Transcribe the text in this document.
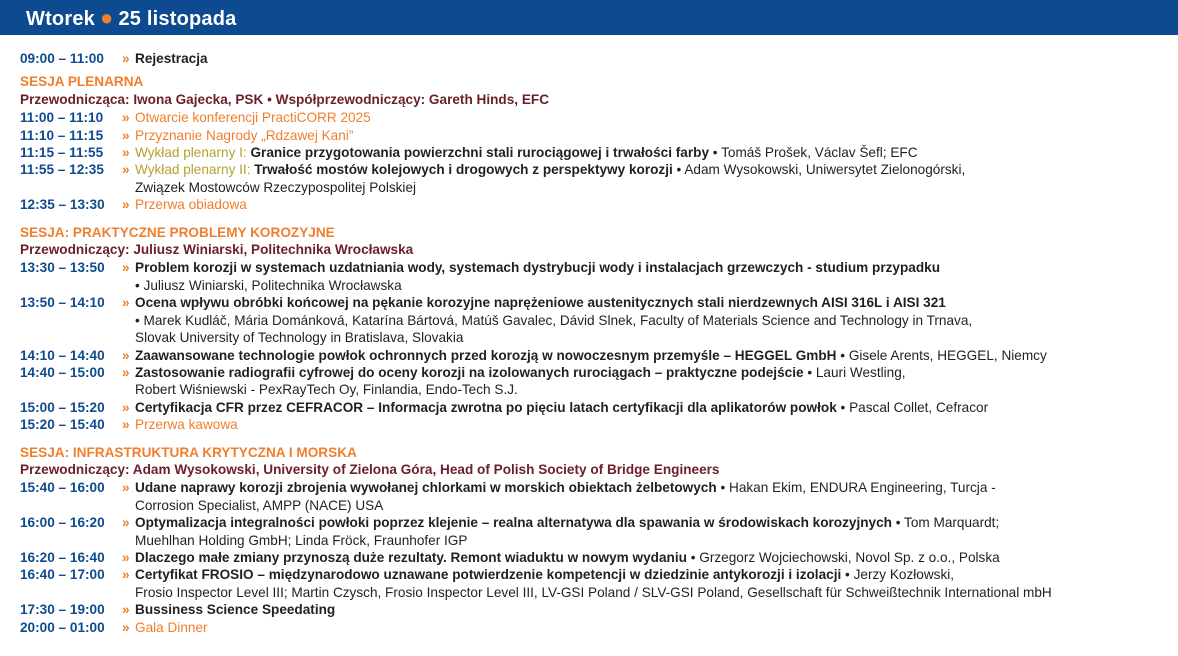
Wtorek ● 25 listopada
09:00 – 11:00	» Rejestracja
SESJA PLENARNA
Przewodnicząca: Iwona Gajecka, PSK • Współprzewodniczący: Gareth Hinds, EFC
11:00 – 11:10	» Otwarcie konferencji PractiCORR 2025
11:10 – 11:15	» Przyznanie Nagrody „Rdzawej Kani”
11:15 – 11:55	» Wykład plenarny I: Granice przygotowania powierzchni stali rurociągowej i trwałości farby • Tomáš Prošek, Václav Šefl; EFC
11:55 – 12:35	» Wykład plenarny II: Trwałość mostów kolejowych i drogowych z perspektywy korozji • Adam Wysokowski, Uniwersytet Zielonogórski,
Związek Mostowców Rzeczypospolitej Polskiej
12:35 – 13:30	» Przerwa obiadowa
SESJA: PRAKTYCZNE PROBLEMY KOROZYJNE
Przewodniczący: Juliusz Winiarski, Politechnika Wrocławska
13:30 – 13:50	» Problem korozji w systemach uzdatniania wody, systemach dystrybucji wody i instalacjach grzewczych - studium przypadku
• Juliusz Winiarski, Politechnika Wrocławska
13:50 – 14:10	» Ocena wpływu obróbki końcowej na pękanie korozyjne naprężeniowe austenitycznych stali nierdzewnych AISI 316L i AISI 321
• Marek Kudláč, Mária Dománková, Katarína Bártová, Matúš Gavalec, Dávid Slnek, Faculty of Materials Science and Technology in Trnava,
Slovak University of Technology in Bratislava, Slovakia
14:10 – 14:40	» Zaawansowane technologie powłok ochronnych przed korozją w nowoczesnym przemyśle – HEGGEL GmbH • Gisele Arents, HEGGEL, Niemcy
14:40 – 15:00	» Zastosowanie radiografii cyfrowej do oceny korozji na izolowanych rurociągach – praktyczne podejście • Lauri Westling,
Robert Wiśniewski - PexRayTech Oy, Finlandia, Endo-Tech S.J.
15:00 – 15:20	» Certyfikacja CFR przez CEFRACOR – Informacja zwrotna po pięciu latach certyfikacji dla aplikatorów powłok • Pascal Collet, Cefracor
15:20 – 15:40	» Przerwa kawowa
SESJA: INFRASTRUKTURA KRYTYCZNA I MORSKA
Przewodniczący: Adam Wysokowski, University of Zielona Góra, Head of Polish Society of Bridge Engineers
15:40 – 16:00	» Udane naprawy korozji zbrojenia wywołanej chlorkami w morskich obiektach żelbetowych • Hakan Ekim, ENDURA Engineering, Turcja -
Corrosion Specialist, AMPP (NACE) USA
16:00 – 16:20	» Optymalizacja integralności powłoki poprzez klejenie – realna alternatywa dla spawania w środowiskach korozyjnych • Tom Marquardt;
Muehlhan Holding GmbH; Linda Fröck, Fraunhofer IGP
16:20 – 16:40	» Dlaczego małe zmiany przynoszą duże rezultaty. Remont wiaduktu w nowym wydaniu • Grzegorz Wojciechowski, Novol Sp. z o.o., Polska
16:40 – 17:00	» Certyfikat FROSIO – międzynarodowo uznawane potwierdzenie kompetencji w dziedzinie antykorozji i izolacji • Jerzy Kozłowski,
Frosio Inspector Level III; Martin Czysch, Frosio Inspector Level III, LV-GSI Poland / SLV-GSI Poland, Gesellschaft für Schweißtechnik International mbH
17:30 – 19:00	» Bussiness Science Speedating
20:00 – 01:00	» Gala Dinner
